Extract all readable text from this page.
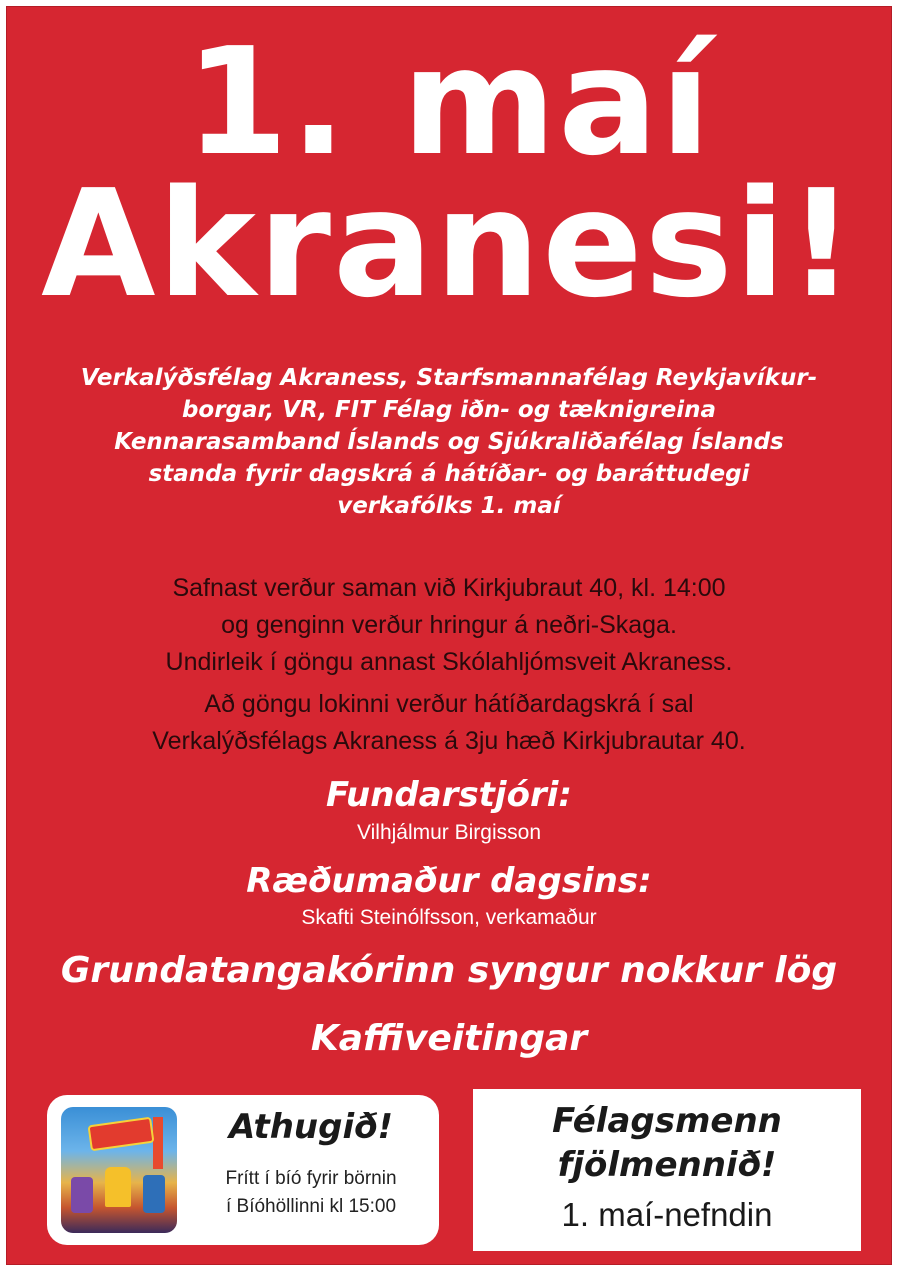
1. maí
Akranesi!
Verkalýðsfélag Akraness, Starfsmannafélag Reykjavíkur-
borgar, VR, FIT Félag iðn- og tæknigreina
Kennarasamband Íslands og Sjúkraliðafélag Íslands
standa fyrir dagskrá á hátíðar- og baráttudegi
verkafólks 1. maí
Safnast verður saman við Kirkjubraut 40, kl. 14:00
og genginn verður hringur á neðri-Skaga.
Undirleik í göngu annast Skólahljómsveit Akraness.
Að göngu lokinni verður hátíðardagskrá í sal
Verkalýðsfélags Akraness á 3ju hæð Kirkjubrautar 40.
Fundarstjóri:
Vilhjálmur Birgisson
Ræðumaður dagsins:
Skafti Steinólfsson, verkamaður
Grundatangakórinn syngur nokkur lög
Kaffiveitingar
Athugið!
Frítt í bíó fyrir börnin
í Bíóhöllinni kl 15:00
Félagsmenn
fjölmennið!
1. maí-nefndin
